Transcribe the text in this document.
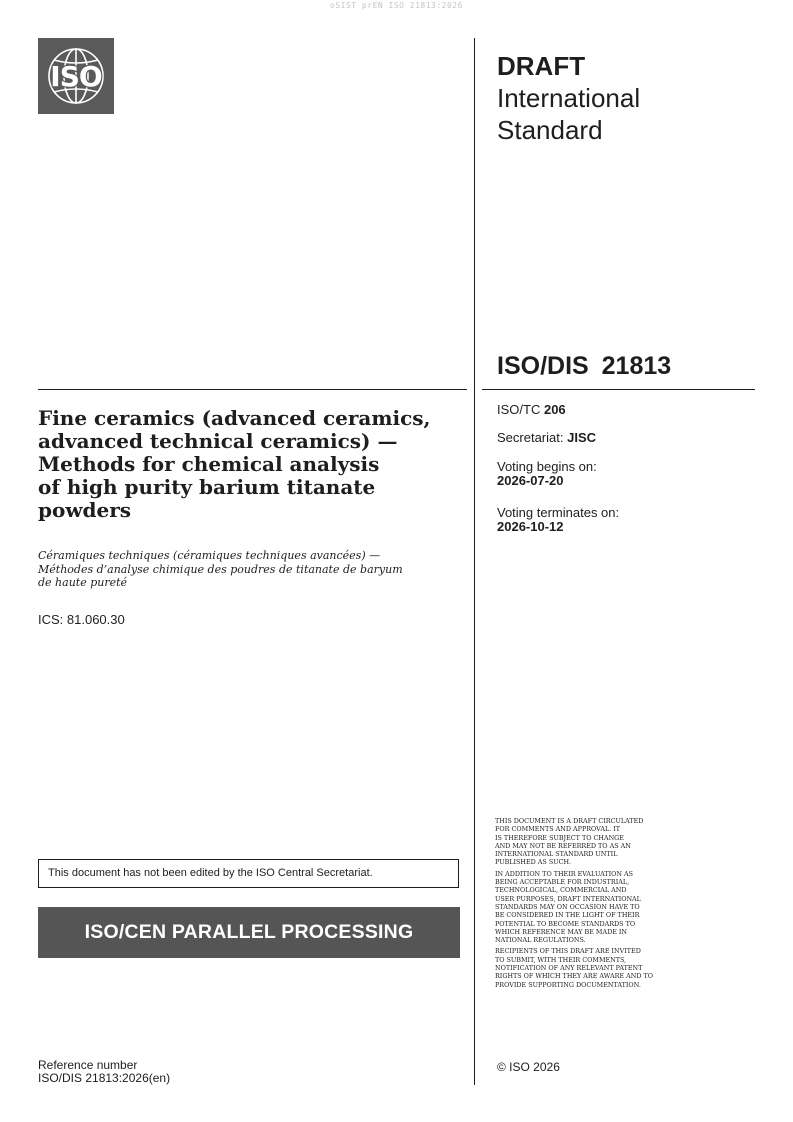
oSIST prEN ISO 21813:2026
ISO	DRAFT
International
Standard
ISO/DIS 21813
Fine ceramics (advanced ceramics,
advanced technical ceramics) —
Methods for chemical analysis
of high purity barium titanate
powders
Céramiques techniques (céramiques techniques avancées) —
Méthodes d’analyse chimique des poudres de titanate de baryum
de haute pureté
ICS: 81.060.30
ISO/TC 206
Secretariat: JISC
Voting begins on:
2026-07-20
Voting terminates on:
2026-10-12
This document has not been edited by the ISO Central Secretariat.
ISO/CEN PARALLEL PROCESSING
Reference number
ISO/DIS 21813:2026(en)

THIS DOCUMENT IS A DRAFT CIRCULATED
FOR COMMENTS AND APPROVAL. IT
IS THEREFORE SUBJECT TO CHANGE
AND MAY NOT BE REFERRED TO AS AN
INTERNATIONAL STANDARD UNTIL
PUBLISHED AS SUCH.

IN ADDITION TO THEIR EVALUATION AS
BEING ACCEPTABLE FOR INDUSTRIAL,
TECHNOLOGICAL, COMMERCIAL AND
USER PURPOSES, DRAFT INTERNATIONAL
STANDARDS MAY ON OCCASION HAVE TO
BE CONSIDERED IN THE LIGHT OF THEIR
POTENTIAL TO BECOME STANDARDS TO
WHICH REFERENCE MAY BE MADE IN
NATIONAL REGULATIONS.

RECIPIENTS OF THIS DRAFT ARE INVITED
TO SUBMIT, WITH THEIR COMMENTS,
NOTIFICATION OF ANY RELEVANT PATENT
RIGHTS OF WHICH THEY ARE AWARE AND TO
PROVIDE SUPPORTING DOCUMENTATION.

© ISO 2026
